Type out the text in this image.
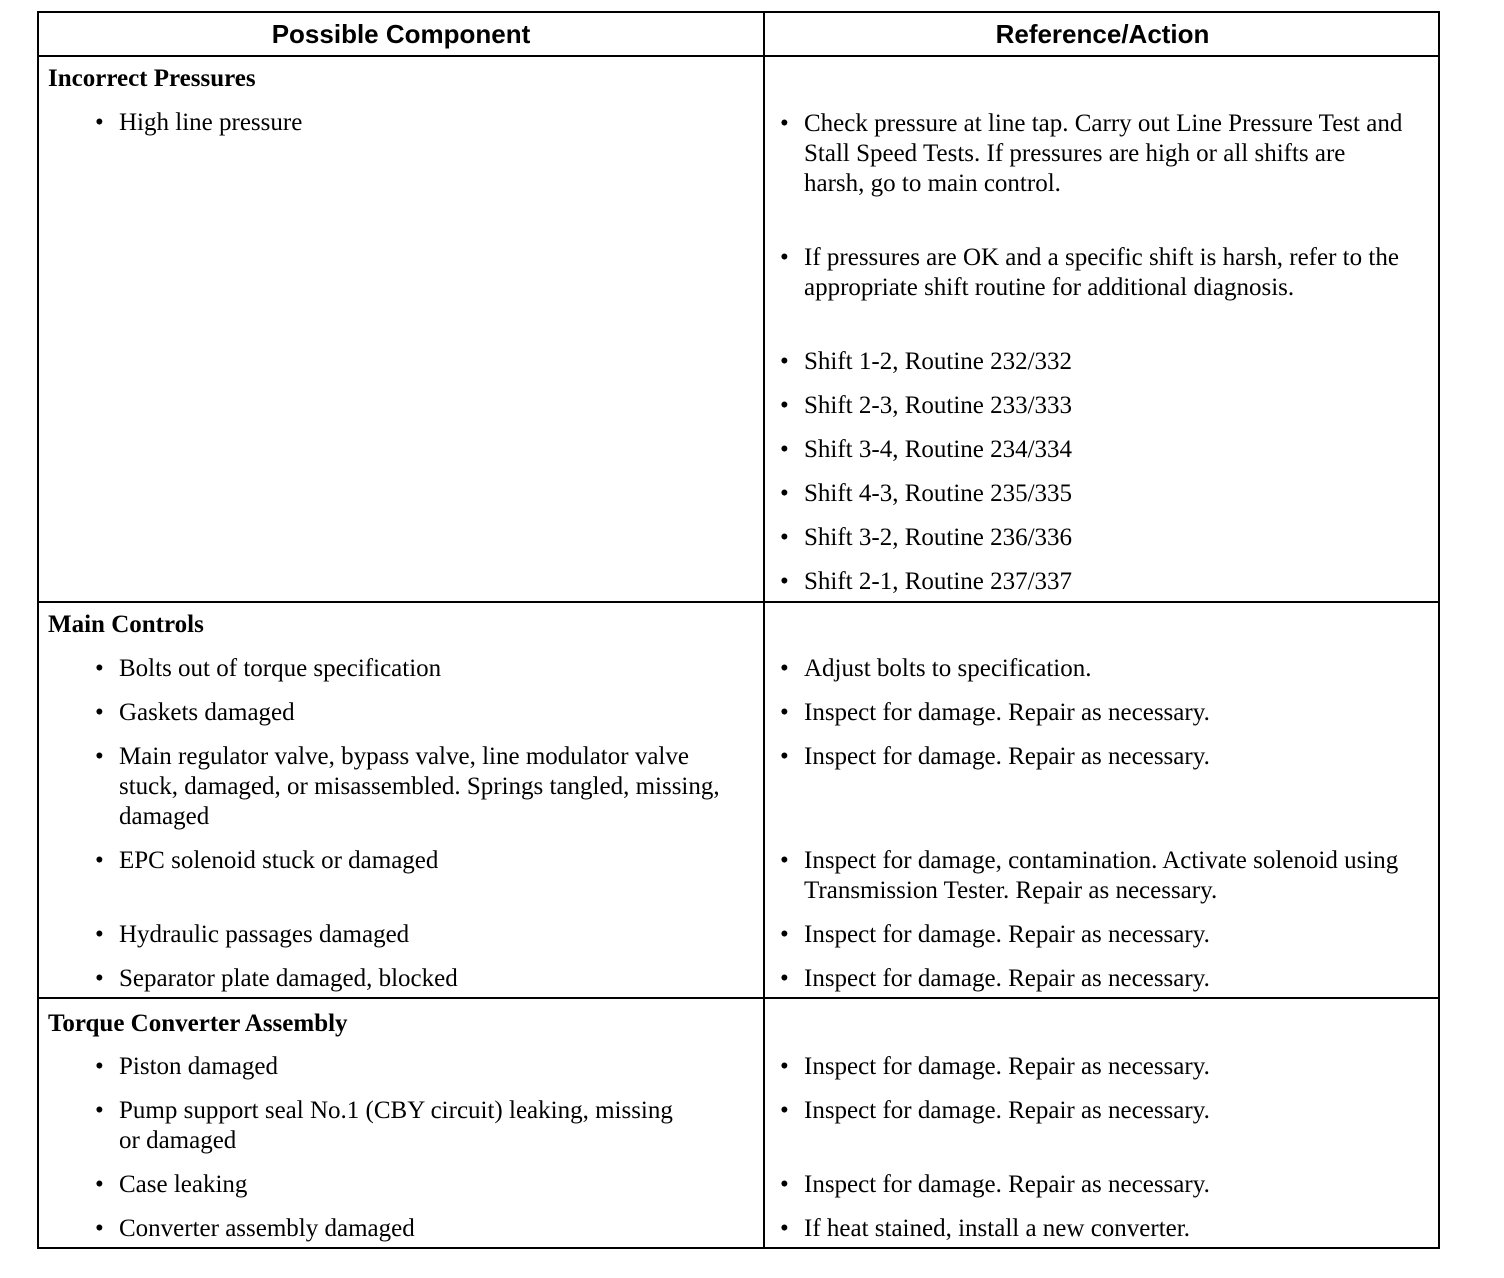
Possible Component	Reference/Action
Incorrect Pressures
• High line pressure	• Check pressure at line tap. Carry out Line Pressure Test and Stall Speed Tests. If pressures are high or all shifts are harsh, go to main control.
• If pressures are OK and a specific shift is harsh, refer to the appropriate shift routine for additional diagnosis.
• Shift 1-2, Routine 232/332
• Shift 2-3, Routine 233/333
• Shift 3-4, Routine 234/334
• Shift 4-3, Routine 235/335
• Shift 3-2, Routine 236/336
• Shift 2-1, Routine 237/337
Main Controls
• Bolts out of torque specification
• Gaskets damaged
• Main regulator valve, bypass valve, line modulator valve stuck, damaged, or misassembled. Springs tangled, missing, damaged
• EPC solenoid stuck or damaged
• Hydraulic passages damaged
• Separator plate damaged, blocked
• Adjust bolts to specification.
• Inspect for damage. Repair as necessary.
• Inspect for damage. Repair as necessary.
• Inspect for damage, contamination. Activate solenoid using Transmission Tester. Repair as necessary.
• Inspect for damage. Repair as necessary.
• Inspect for damage. Repair as necessary.
Torque Converter Assembly
• Piston damaged
• Pump support seal No.1 (CBY circuit) leaking, missing or damaged
• Case leaking
• Converter assembly damaged
• Inspect for damage. Repair as necessary.
• Inspect for damage. Repair as necessary.
• Inspect for damage. Repair as necessary.
• If heat stained, install a new converter.
